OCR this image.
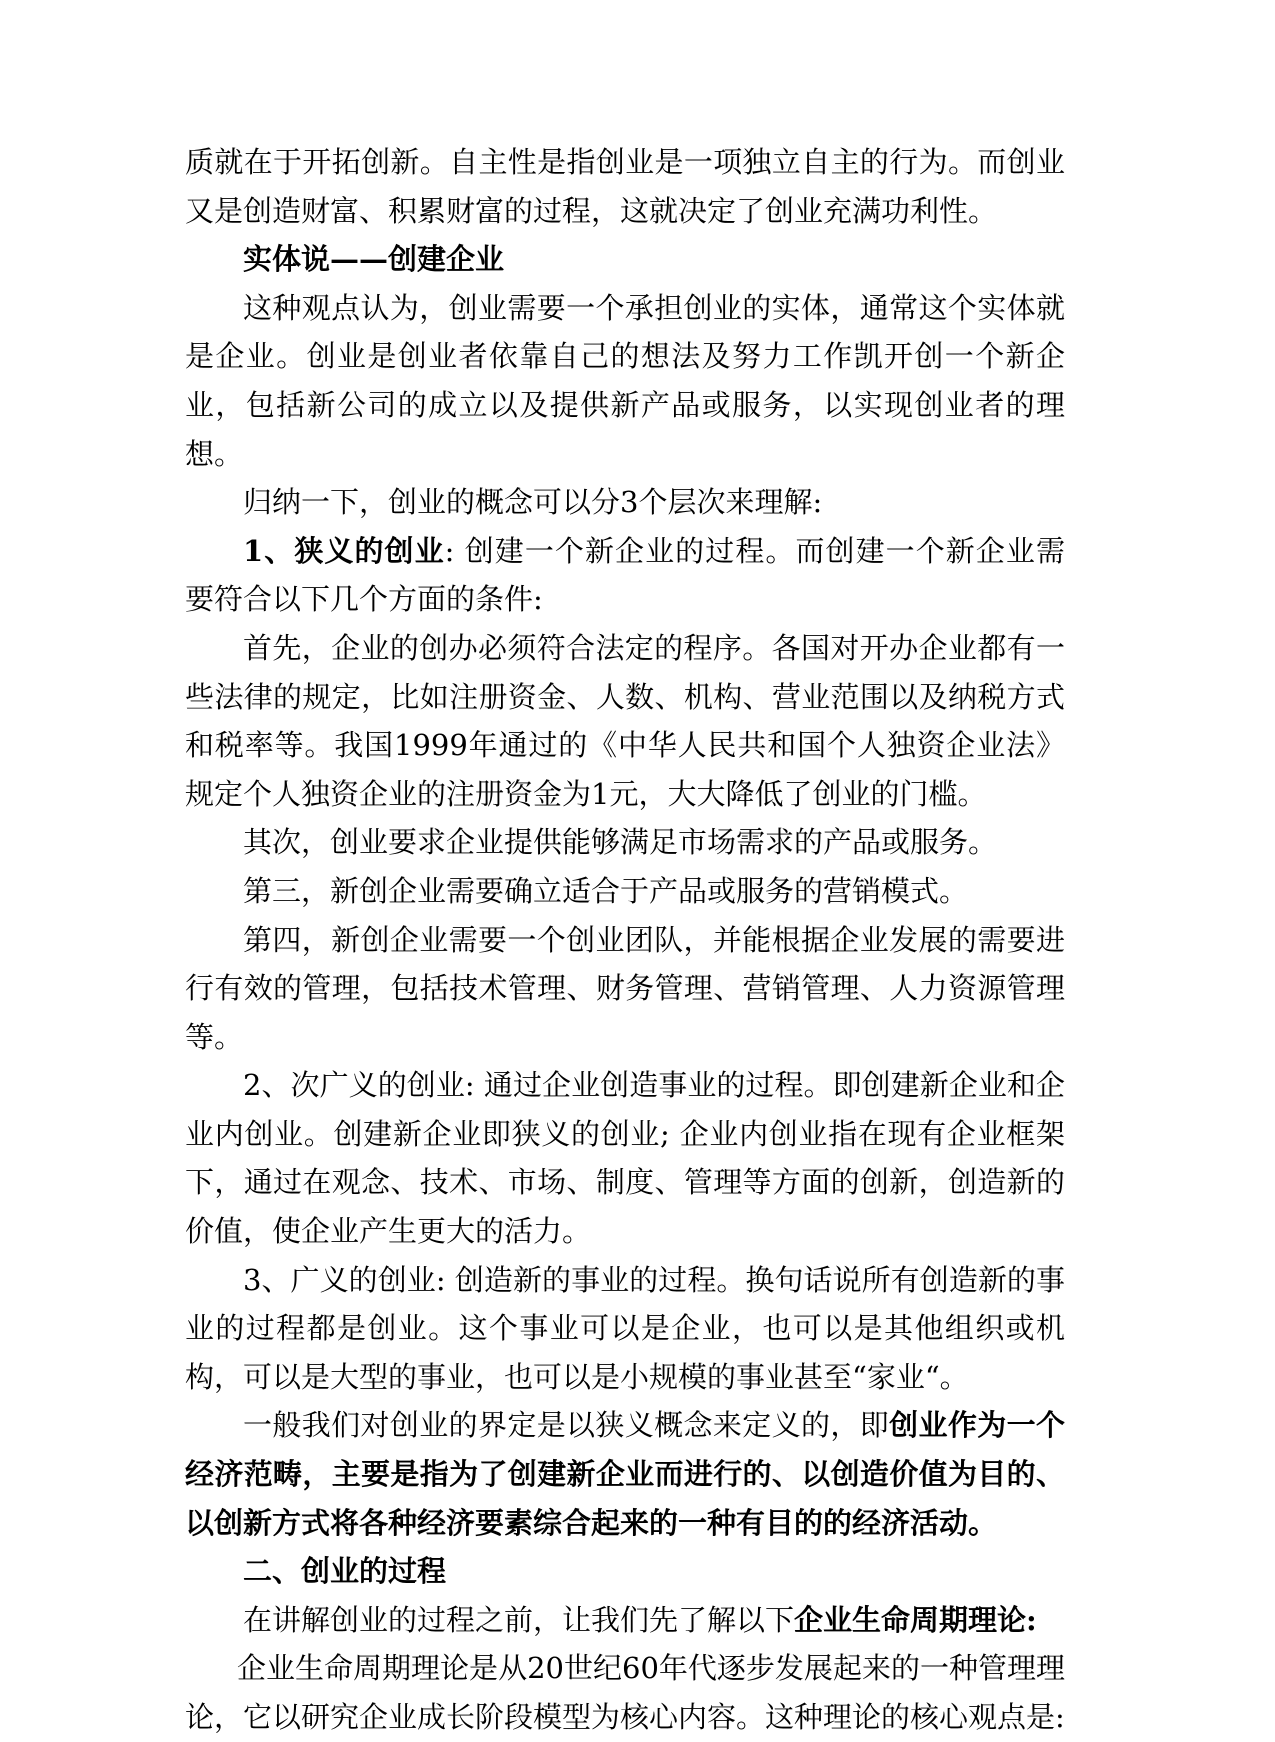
质就在于开拓创新。自主性是指创业是一项独立自主的行为。而创业又是创造财富、积累财富的过程，这就决定了创业充满功利性。

实体说——创建企业

这种观点认为，创业需要一个承担创业的实体，通常这个实体就是企业。创业是创业者依靠自己的想法及努力工作凯开创一个新企业，包括新公司的成立以及提供新产品或服务，以实现创业者的理想。

归纳一下，创业的概念可以分3个层次来理解:

1、狭义的创业: 创建一个新企业的过程。而创建一个新企业需要符合以下几个方面的条件:

首先，企业的创办必须符合法定的程序。各国对开办企业都有一些法律的规定，比如注册资金、人数、机构、营业范围以及纳税方式和税率等。我国1999年通过的《中华人民共和国个人独资企业法》规定个人独资企业的注册资金为1元，大大降低了创业的门槛。

其次，创业要求企业提供能够满足市场需求的产品或服务。

第三，新创企业需要确立适合于产品或服务的营销模式。

第四，新创企业需要一个创业团队，并能根据企业发展的需要进行有效的管理，包括技术管理、财务管理、营销管理、人力资源管理等。

2、次广义的创业: 通过企业创造事业的过程。即创建新企业和企业内创业。创建新企业即狭义的创业; 企业内创业指在现有企业框架下，通过在观念、技术、市场、制度、管理等方面的创新，创造新的价值，使企业产生更大的活力。

3、广义的创业: 创造新的事业的过程。换句话说所有创造新的事业的过程都是创业。这个事业可以是企业，也可以是其他组织或机构，可以是大型的事业，也可以是小规模的事业甚至“家业“。

一般我们对创业的界定是以狭义概念来定义的，即创业作为一个经济范畴，主要是指为了创建新企业而进行的、以创造价值为目的、以创新方式将各种经济要素综合起来的一种有目的的经济活动。

二、创业的过程

在讲解创业的过程之前，让我们先了解以下企业生命周期理论:

企业生命周期理论是从20世纪60年代逐步发展起来的一种管理理论，它以研究企业成长阶段模型为核心内容。这种理论的核心观点是:
